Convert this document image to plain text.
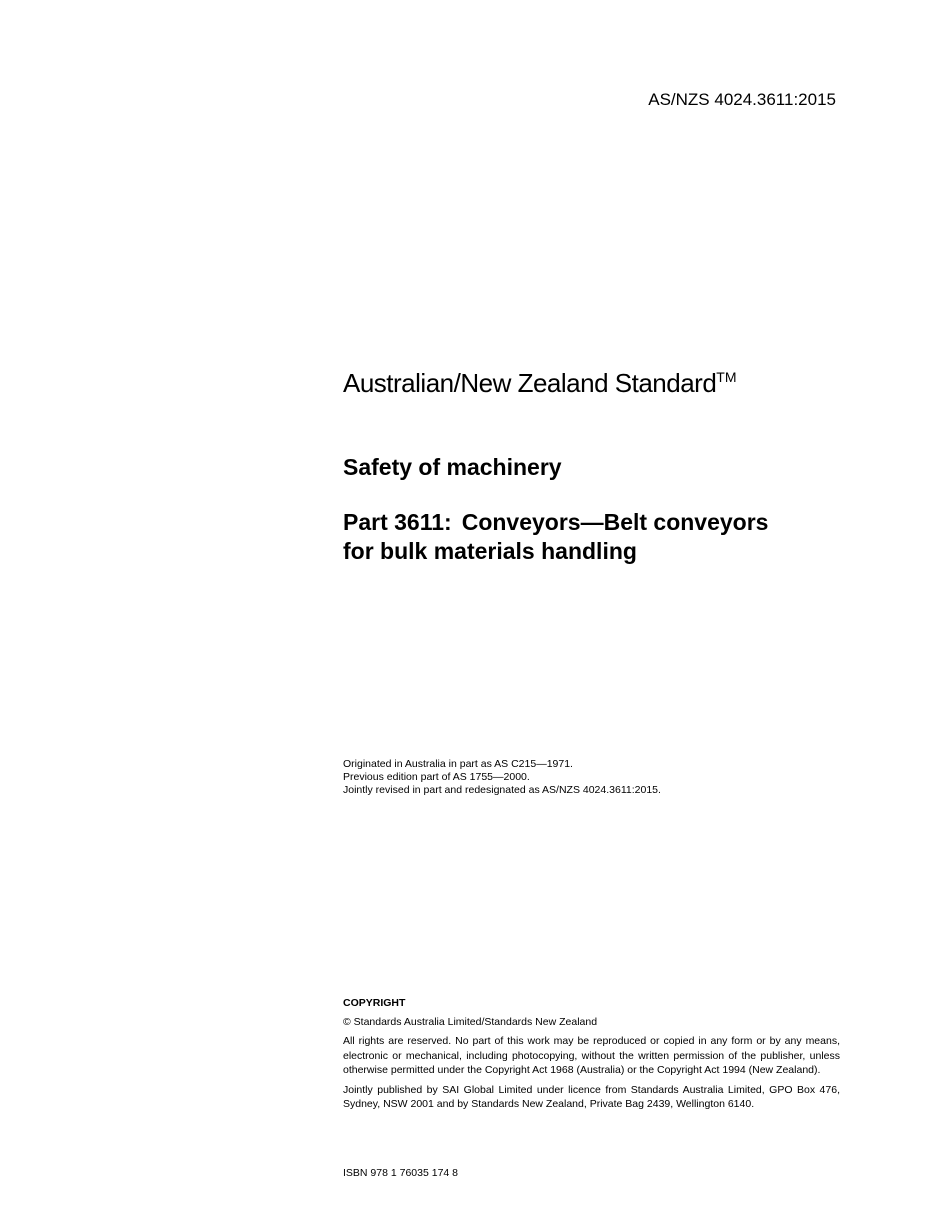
AS/NZS 4024.3611:2015
Australian/New Zealand Standard™
Safety of machinery
Part 3611: Conveyors—Belt conveyors
for bulk materials handling
Originated in Australia in part as AS C215—1971.
Previous edition part of AS 1755—2000.
Jointly revised in part and redesignated as AS/NZS 4024.3611:2015.
COPYRIGHT
© Standards Australia Limited/Standards New Zealand

All rights are reserved. No part of this work may be reproduced or copied in any form or by any means, electronic or mechanical, including photocopying, without the written permission of the publisher, unless otherwise permitted under the Copyright Act 1968 (Australia) or the Copyright Act 1994 (New Zealand).

Jointly published by SAI Global Limited under licence from Standards Australia Limited, GPO Box 476, Sydney, NSW 2001 and by Standards New Zealand, Private Bag 2439, Wellington 6140.

ISBN 978 1 76035 174 8
